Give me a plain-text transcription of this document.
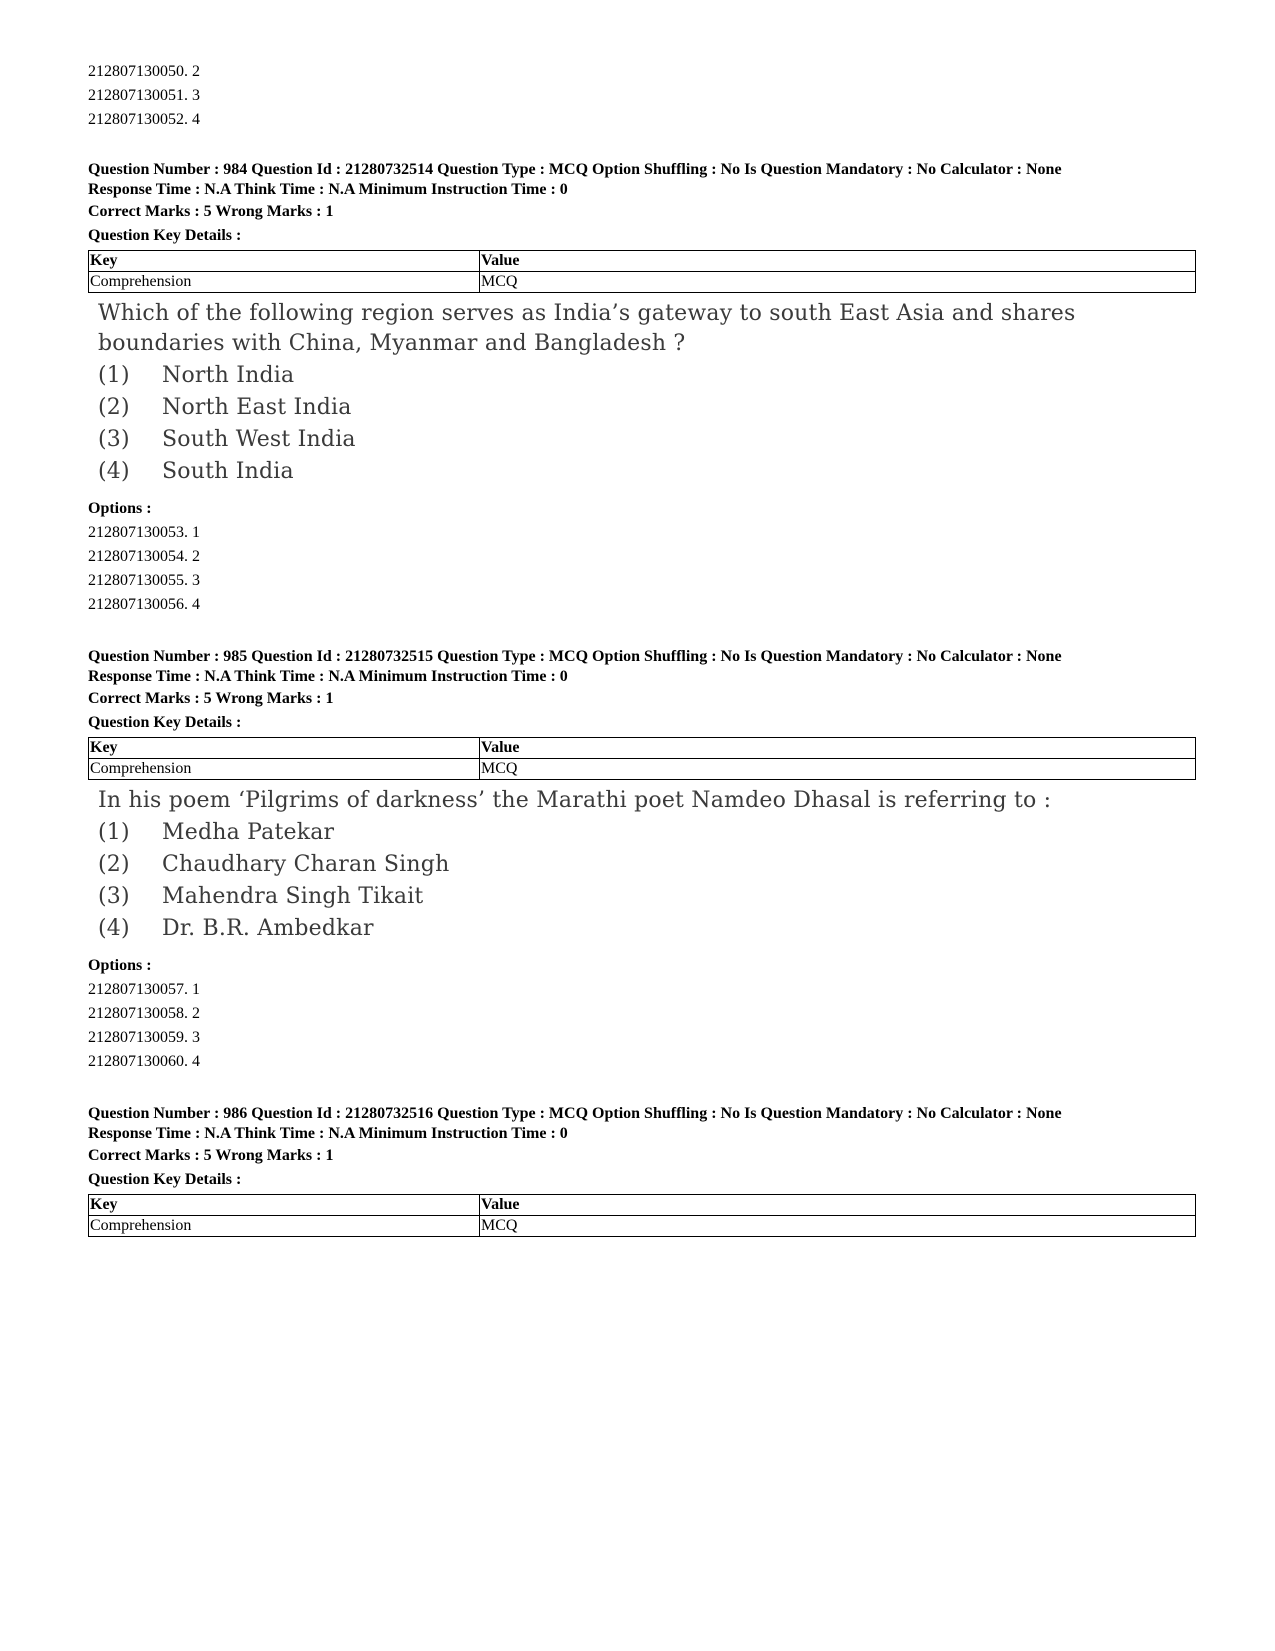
212807130050. 2

212807130051. 3

212807130052. 4

Question Number : 984 Question Id : 21280732514 Question Type : MCQ Option Shuffling : No Is Question Mandatory : No Calculator : None

Response Time : N.A Think Time : N.A Minimum Instruction Time : 0

Correct Marks : 5 Wrong Marks : 1

Question Key Details :

Key	Value
Comprehension	MCQ

Which of the following region serves as India’s gateway to south East Asia and shares boundaries with China, Myanmar and Bangladesh ?

(1)	North India
(2)	North East India
(3)	South West India
(4)	South India

Options :

212807130053. 1

212807130054. 2

212807130055. 3

212807130056. 4

Question Number : 985 Question Id : 21280732515 Question Type : MCQ Option Shuffling : No Is Question Mandatory : No Calculator : None

Response Time : N.A Think Time : N.A Minimum Instruction Time : 0

Correct Marks : 5 Wrong Marks : 1

Question Key Details :

Key	Value
Comprehension	MCQ

In his poem ‘Pilgrims of darkness’ the Marathi poet Namdeo Dhasal is referring to :

(1)	Medha Patekar
(2)	Chaudhary Charan Singh
(3)	Mahendra Singh Tikait
(4)	Dr. B.R. Ambedkar

Options :

212807130057. 1

212807130058. 2

212807130059. 3

212807130060. 4

Question Number : 986 Question Id : 21280732516 Question Type : MCQ Option Shuffling : No Is Question Mandatory : No Calculator : None

Response Time : N.A Think Time : N.A Minimum Instruction Time : 0

Correct Marks : 5 Wrong Marks : 1

Question Key Details :

Key	Value
Comprehension	MCQ
